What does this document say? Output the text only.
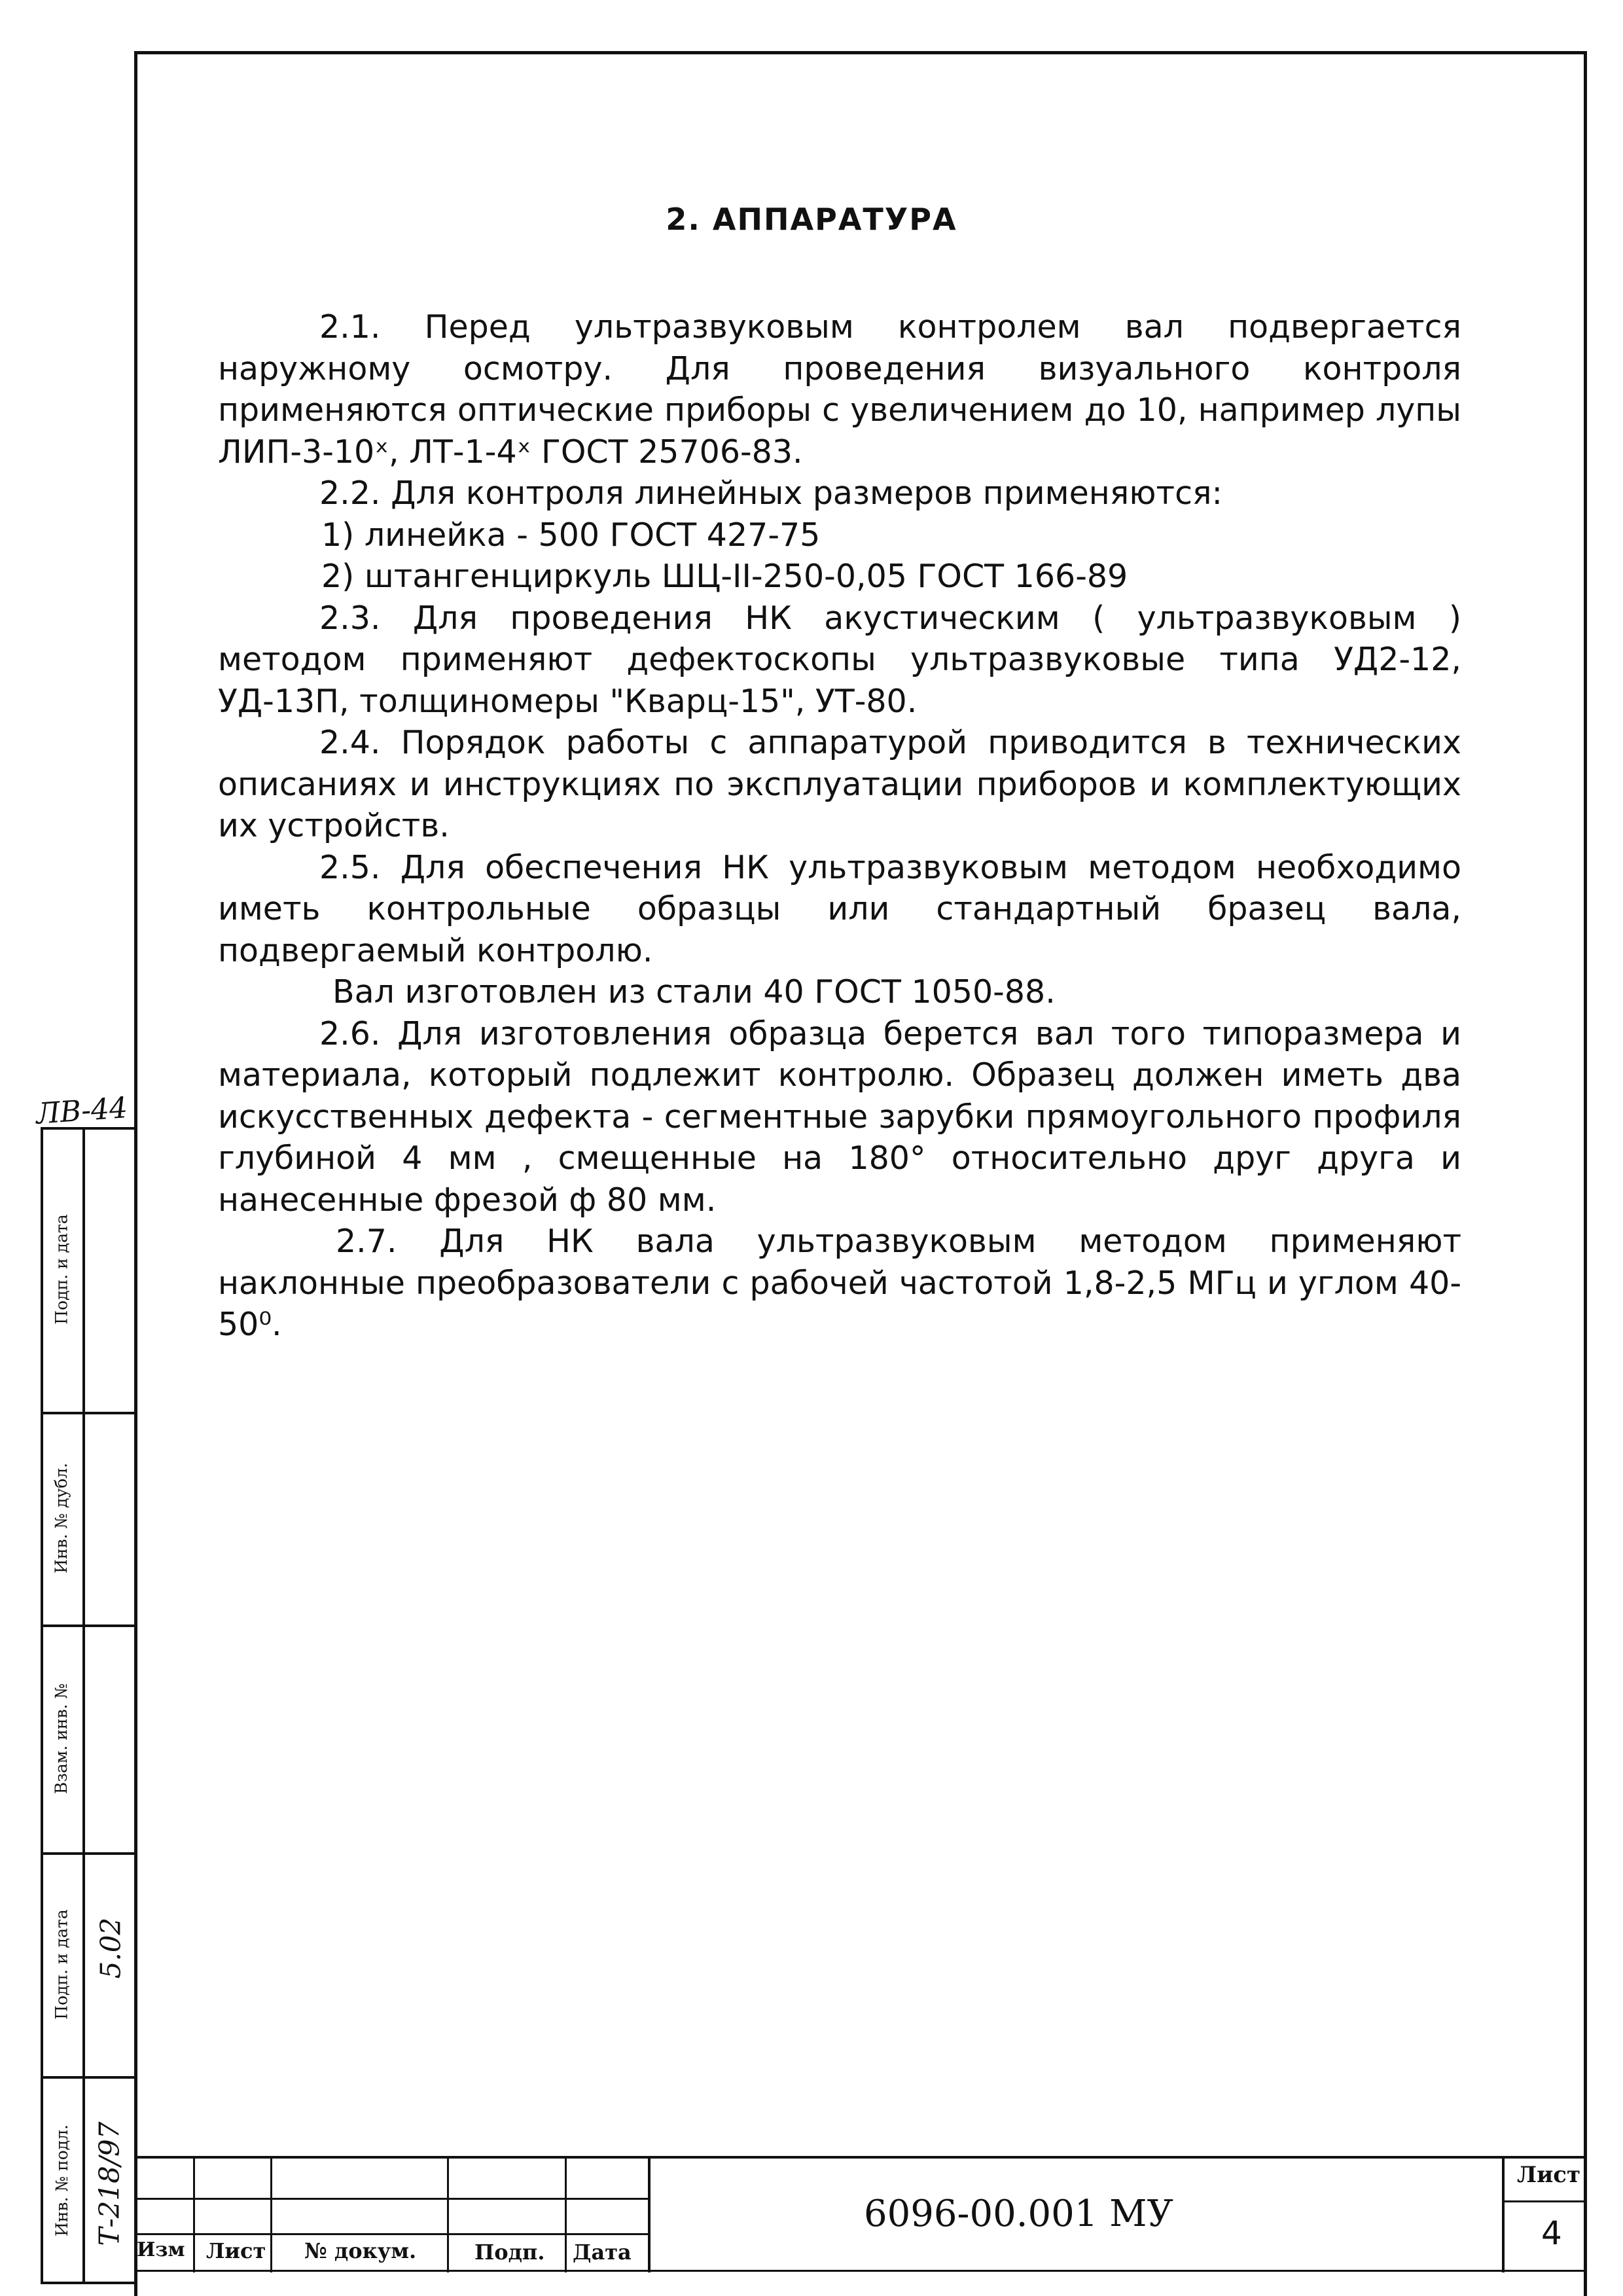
2. АППАРАТУРА

2.1. Перед ультразвуковым контролем вал подвергается наружному осмотру. Для проведения визуального контроля применяются оптические приборы с увеличением до 10, например лупы ЛИП-3-10ˣ, ЛТ-1-4ˣ ГОСТ 25706-83.

2.2. Для контроля линейных размеров применяются:

1) линейка - 500 ГОСТ 427-75

2) штангенциркуль ШЦ-II-250-0,05 ГОСТ 166-89

2.3. Для проведения НК акустическим ( ультразвуковым ) методом применяют дефектоскопы ультразвуковые типа УД2-12, УД-13П, толщиномеры "Кварц-15", УТ-80.

2.4. Порядок работы с аппаратурой приводится в технических описаниях и инструкциях по эксплуатации приборов и комплектующих их устройств.

2.5. Для обеспечения НК ультразвуковым методом необходимо иметь контрольные образцы или стандартный бразец вала, подвергаемый контролю.

Вал изготовлен из стали 40 ГОСТ 1050-88.

2.6. Для изготовления образца берется вал того типоразмера и материала, который подлежит контролю. Образец должен иметь два искусственных дефекта - сегментные зарубки прямоугольного профиля глубиной 4 мм , смещенные на 180° относительно друг друга и нанесенные фрезой ф 80 мм.

2.7. Для НК вала ультразвуковым методом применяют наклонные преобразователи с рабочей частотой 1,8-2,5 МГц и углом 40-50⁰.

ЛВ-44
Подп. и дата
Инв. № дубл.
Взам. инв. №
Подп. и дата
Инв. № подл.
5.02
Т-218/97
Изм Лист № докум.	Подп. Дата
6096-00.001 МУ
Лист
4
